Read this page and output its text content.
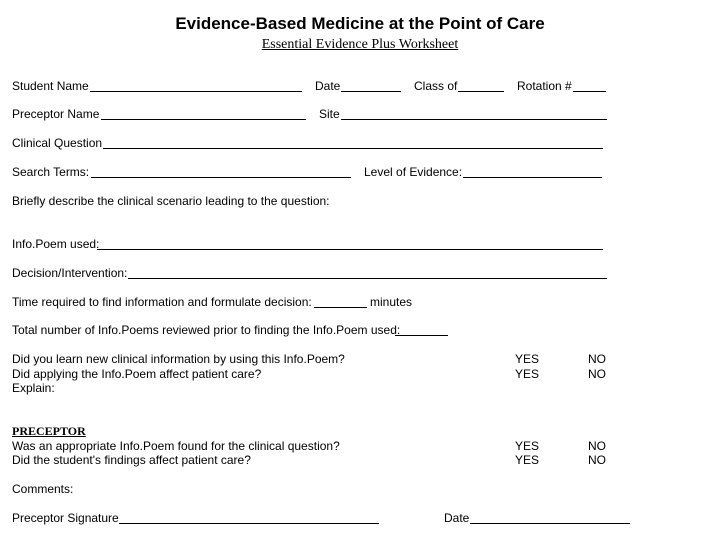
Evidence-Based Medicine at the Point of Care
Essential Evidence Plus Worksheet
Student Name	Date	Class of	Rotation #
Preceptor Name	Site
Clinical Question
Search Terms:	Level of Evidence:
Briefly describe the clinical scenario leading to the question:
Info.Poem used:
Decision/Intervention:
Time required to find information and formulate decision:	minutes
Total number of Info.Poems reviewed prior to finding the Info.Poem used:
Did you learn new clinical information by using this Info.Poem?	YES	NO
Did applying the Info.Poem affect patient care?	YES	NO
Explain:
PRECEPTOR
Was an appropriate Info.Poem found for the clinical question?	YES	NO
Did the student's findings affect patient care?	YES	NO
Comments:
Preceptor Signature	Date
